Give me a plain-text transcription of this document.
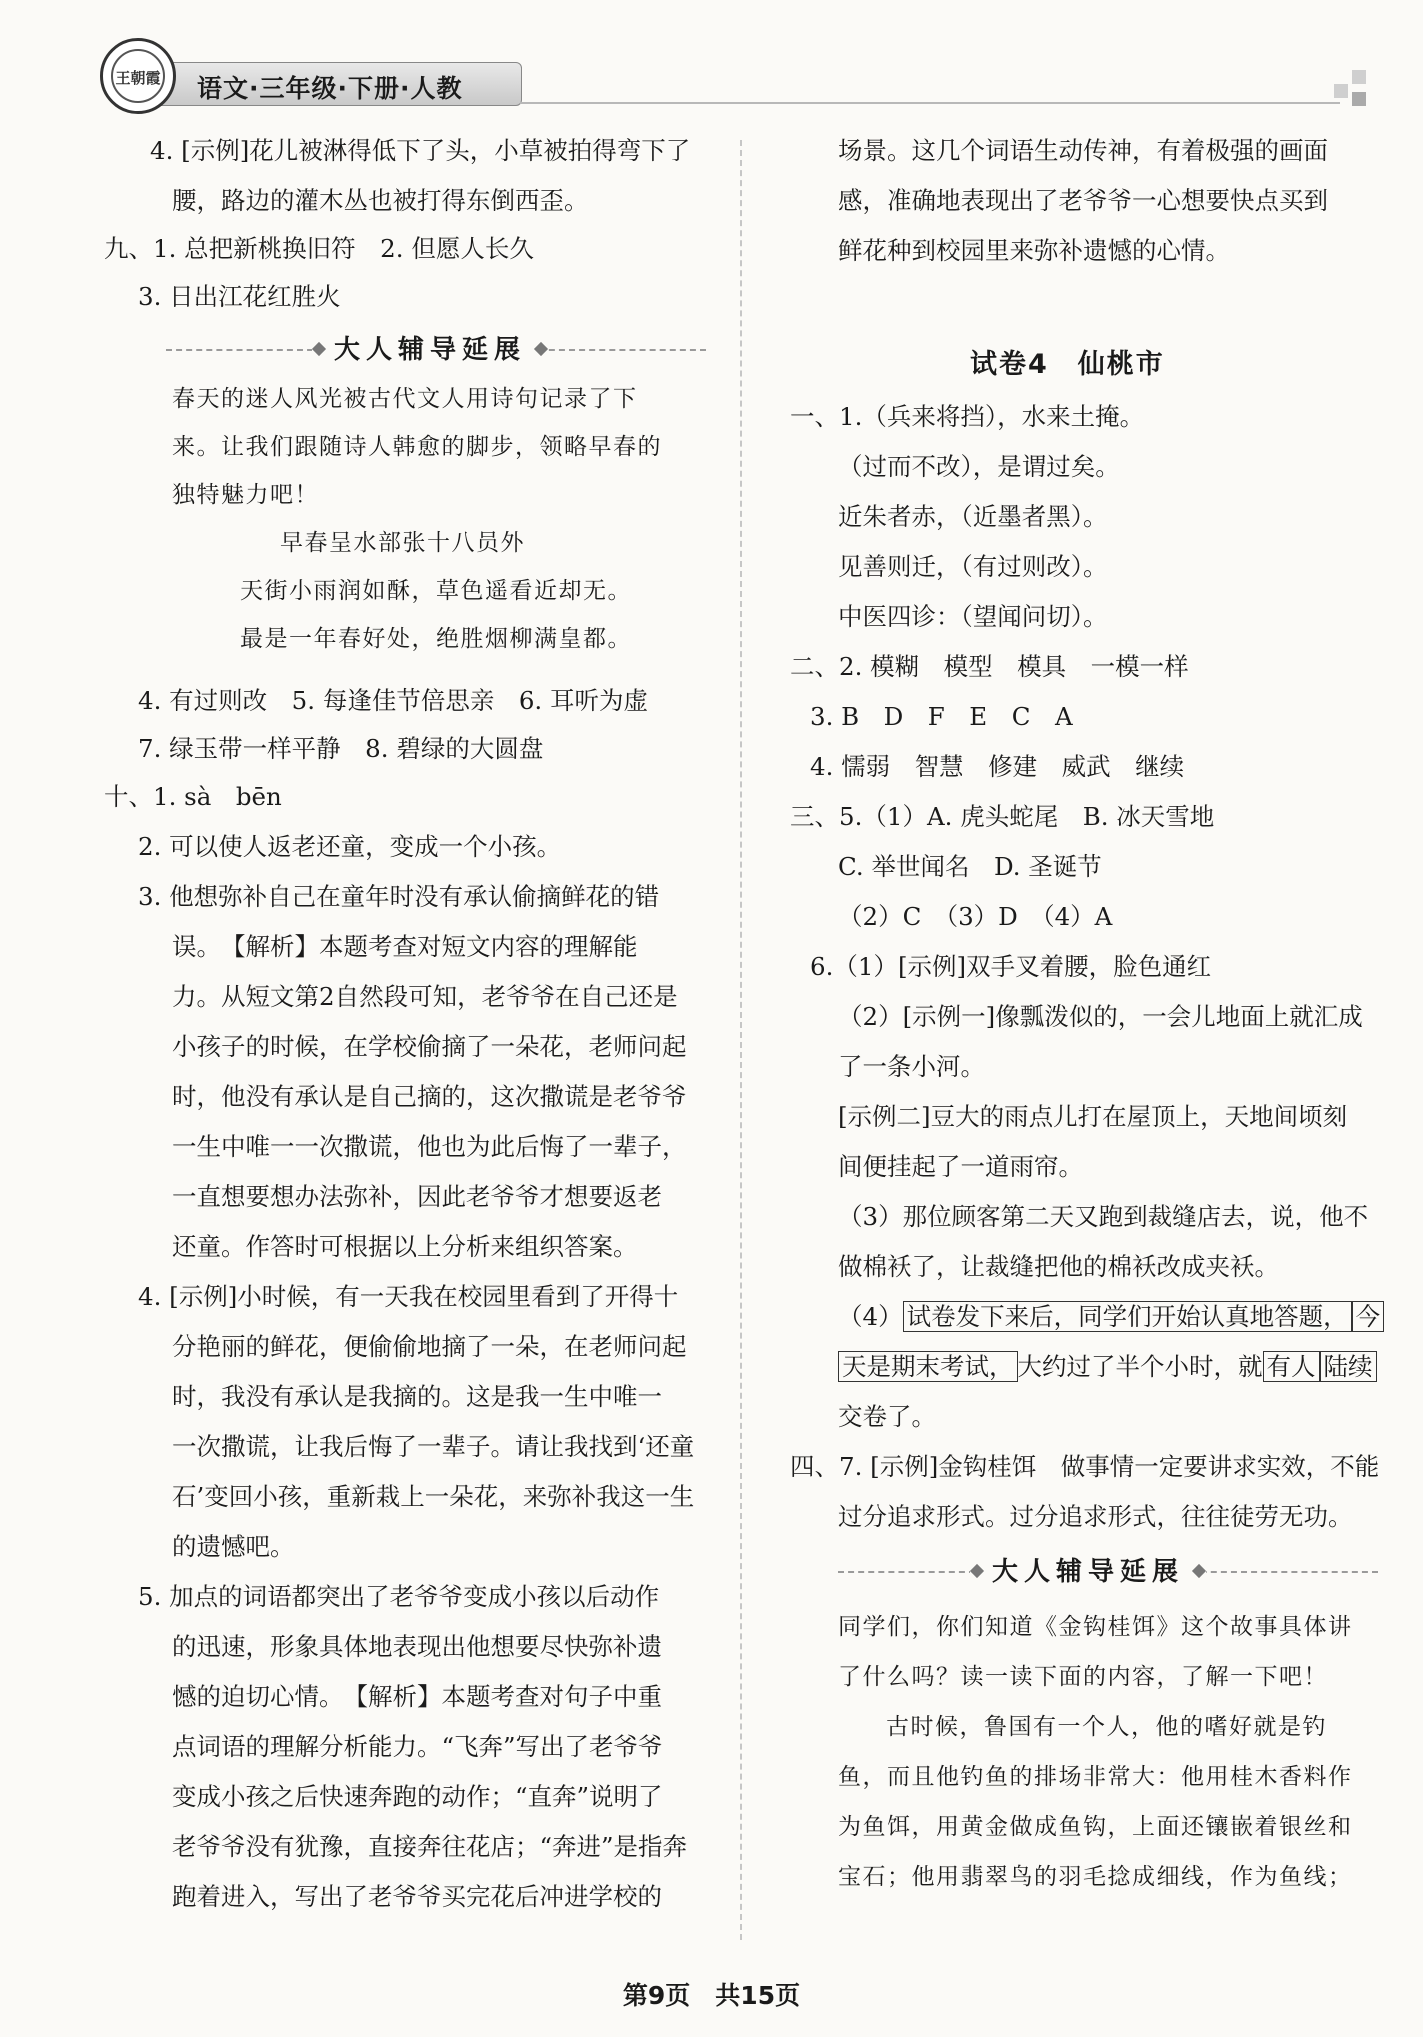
语文·三年级·下册·人教
王朝霞
4. [示例]花儿被淋得低下了头，小草被拍得弯下了
腰，路边的灌木丛也被打得东倒西歪。
九、1. 总把新桃换旧符　2. 但愿人长久
3. 日出江花红胜火
大人辅导延展
春天的迷人风光被古代文人用诗句记录了下
来。让我们跟随诗人韩愈的脚步，领略早春的
独特魅力吧！
早春呈水部张十八员外
天街小雨润如酥，草色遥看近却无。
最是一年春好处，绝胜烟柳满皇都。
4. 有过则改　5. 每逢佳节倍思亲　6. 耳听为虚
7. 绿玉带一样平静　8. 碧绿的大圆盘
十、1. sà　bēn
2. 可以使人返老还童，变成一个小孩。
3. 他想弥补自己在童年时没有承认偷摘鲜花的错
误。　【解析】本题考查对短文内容的理解能
力。从短文第2自然段可知，老爷爷在自己还是
小孩子的时候，在学校偷摘了一朵花，老师问起
时，他没有承认是自己摘的，这次撒谎是老爷爷
一生中唯一一次撒谎，他也为此后悔了一辈子，
一直想要想办法弥补，因此老爷爷才想要返老
还童。作答时可根据以上分析来组织答案。
4. [示例]小时候，有一天我在校园里看到了开得十
分艳丽的鲜花，便偷偷地摘了一朵，在老师问起
时，我没有承认是我摘的。这是我一生中唯一
一次撒谎，让我后悔了一辈子。请让我找到‘还童
石’变回小孩，重新栽上一朵花，来弥补我这一生
的遗憾吧。
5. 加点的词语都突出了老爷爷变成小孩以后动作
的迅速，形象具体地表现出他想要尽快弥补遗
憾的迫切心情。　【解析】本题考查对句子中重
点词语的理解分析能力。“飞奔”写出了老爷爷
变成小孩之后快速奔跑的动作；“直奔”说明了
老爷爷没有犹豫，直接奔往花店；“奔进”是指奔
跑着进入，写出了老爷爷买完花后冲进学校的
场景。这几个词语生动传神，有着极强的画面
感，准确地表现出了老爷爷一心想要快点买到
鲜花种到校园里来弥补遗憾的心情。
试卷4　仙桃市
一、1.（兵来将挡），水来土掩。
（过而不改），是谓过矣。
近朱者赤，（近墨者黑）。
见善则迁，（有过则改）。
中医四诊：（望闻问切）。
二、2. 模糊　模型　模具　一模一样
3. B　D　F　E　C　A
4. 懦弱　智慧　修建　威武　继续
三、5.（1）A. 虎头蛇尾　B. 冰天雪地
C. 举世闻名　D. 圣诞节
（2）C　（3）D　（4）A
6.（1）[示例]双手叉着腰，脸色通红
（2）[示例一]像瓢泼似的，一会儿地面上就汇成
了一条小河。
[示例二]豆大的雨点儿打在屋顶上，天地间顷刻
间便挂起了一道雨帘。
（3）那位顾客第二天又跑到裁缝店去，说，他不
做棉袄了，让裁缝把他的棉袄改成夹袄。
（4） 试卷发下来后，同学们开始认真地答题， 今
天是期末考试， 大约过了半个小时，就 有人 陆续
交卷了。
四、7. [示例]金钩桂饵　做事情一定要讲求实效，不能
过分追求形式。过分追求形式，往往徒劳无功。
大人辅导延展
同学们，你们知道《金钩桂饵》这个故事具体讲
了什么吗？读一读下面的内容，了解一下吧！
古时候，鲁国有一个人，他的嗜好就是钓
鱼，而且他钓鱼的排场非常大：他用桂木香料作
为鱼饵，用黄金做成鱼钩，上面还镶嵌着银丝和
宝石；他用翡翠鸟的羽毛捻成细线，作为鱼线；
第9页　共15页
